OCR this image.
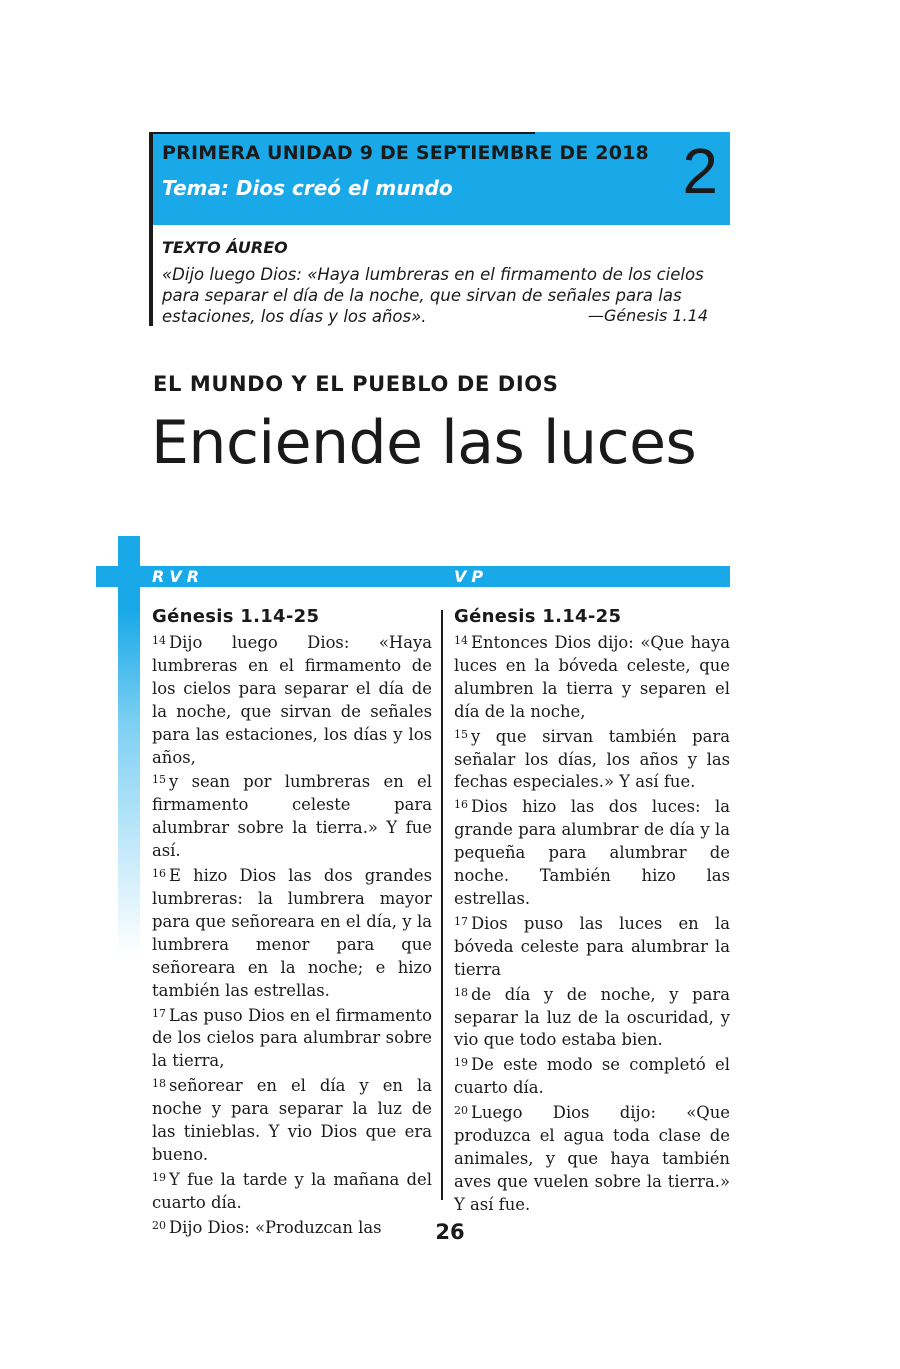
PRIMERA UNIDAD 9 DE SEPTIEMBRE DE 2018
Tema: Dios creó el mundo	2
TEXTO ÁUREO
«Dijo luego Dios: «Haya lumbreras en el firmamento de los cielos para separar el día de la noche, que sirvan de señales para las estaciones, los días y los años».	—Génesis 1.14
EL MUNDO Y EL PUEBLO DE DIOS
Enciende las luces
RVR	VP
Génesis 1.14-25
$^{14}$ Dijo luego Dios: «Haya lumbreras en el firmamento de los cielos para separar el día de la noche, que sirvan de señales para las estaciones, los días y los años,
$^{15}$ y sean por lumbreras en el firmamento celeste para alumbrar sobre la tierra.» Y fue así.
$^{16}$ E hizo Dios las dos grandes lumbreras: la lumbrera mayor para que señoreara en el día, y la lumbrera menor para que señoreara en la noche; e hizo también las estrellas.
$^{17}$ Las puso Dios en el firmamento de los cielos para alumbrar sobre la tierra,
$^{18}$ señorear en el día y en la noche y para separar la luz de las tinieblas. Y vio Dios que era bueno.
$^{19}$ Y fue la tarde y la mañana del cuarto día.
$^{20}$ Dijo Dios: «Produzcan las
Génesis 1.14-25
$^{14}$ Entonces Dios dijo: «Que haya luces en la bóveda celeste, que alumbren la tierra y separen el día de la noche,
$^{15}$ y que sirvan también para señalar los días, los años y las fechas especiales.» Y así fue.
$^{16}$ Dios hizo las dos luces: la grande para alumbrar de día y la pequeña para alumbrar de noche. También hizo las estrellas.
$^{17}$ Dios puso las luces en la bóveda celeste para alumbrar la tierra
$^{18}$ de día y de noche, y para separar la luz de la oscuridad, y vio que todo estaba bien.
$^{19}$ De este modo se completó el cuarto día.
$^{20}$ Luego Dios dijo: «Que produzca el agua toda clase de animales, y que haya también aves que vuelen sobre la tierra.» Y así fue.
26
